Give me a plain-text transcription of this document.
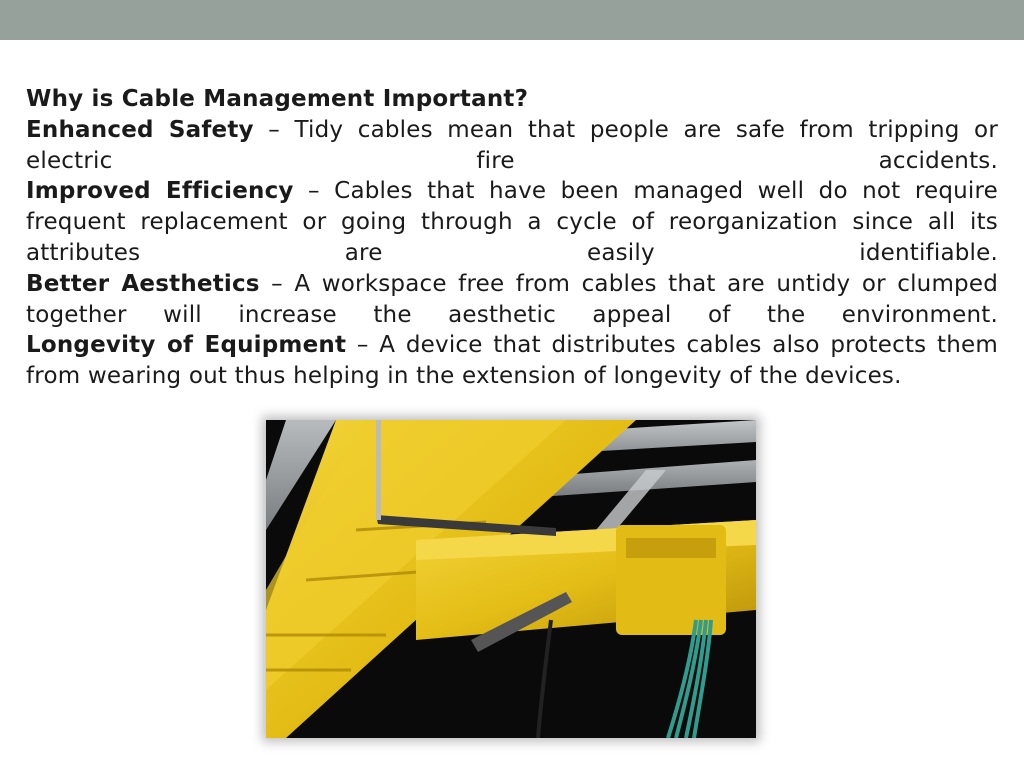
Why is Cable Management Important?
Enhanced Safety – Tidy cables mean that people are safe from tripping or electric fire accidents.
Improved Efficiency – Cables that have been managed well do not require frequent replacement or going through a cycle of reorganization since all its attributes are easily identifiable.
Better Aesthetics – A workspace free from cables that are untidy or clumped together will increase the aesthetic appeal of the environment.
Longevity of Equipment – A device that distributes cables also protects them from wearing out thus helping in the extension of longevity of the devices.
